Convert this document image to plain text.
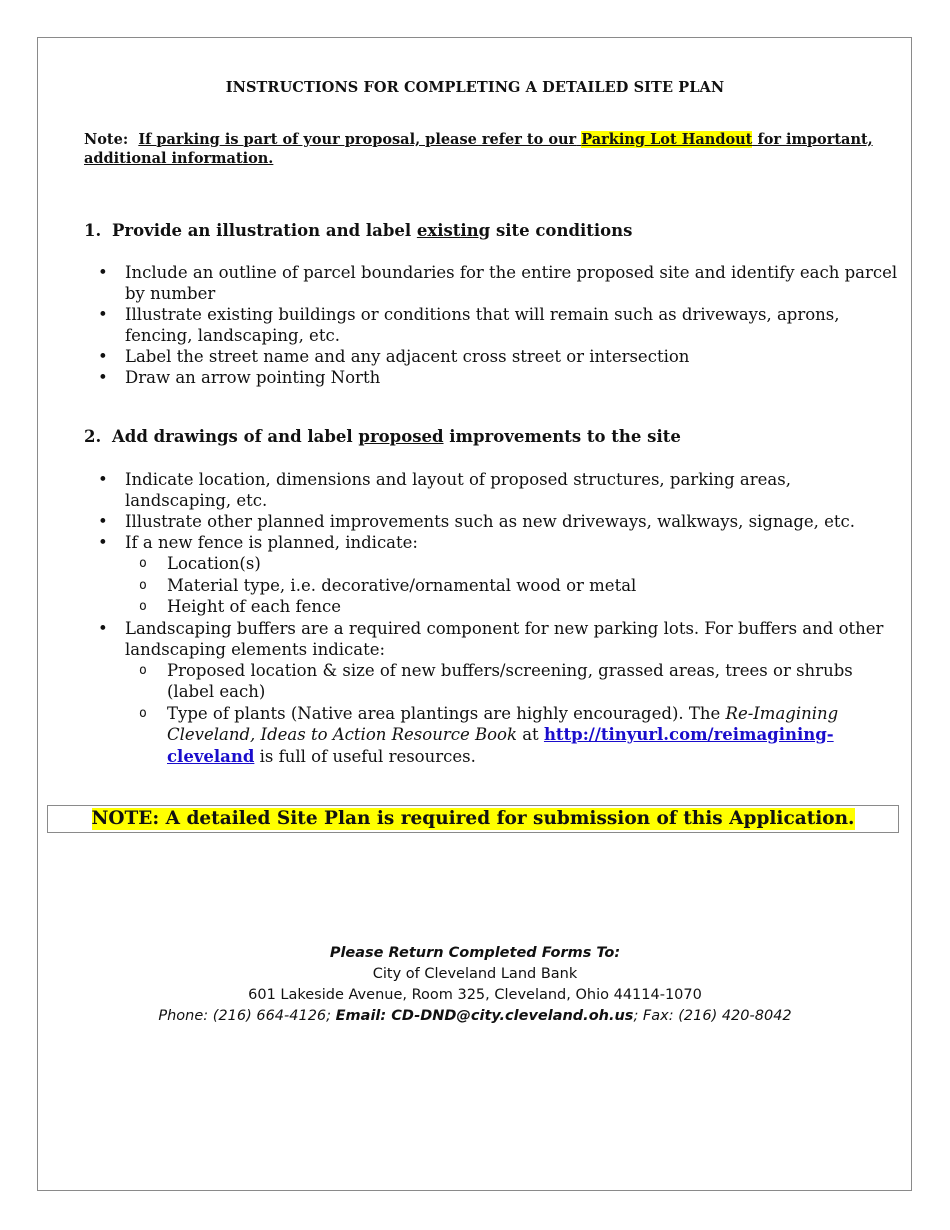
INSTRUCTIONS FOR COMPLETING A DETAILED SITE PLAN
Note: If parking is part of your proposal, please refer to our Parking Lot Handout for important, additional information.
1. Provide an illustration and label existing site conditions
• Include an outline of parcel boundaries for the entire proposed site and identify each parcel by number
• Illustrate existing buildings or conditions that will remain such as driveways, aprons, fencing, landscaping, etc.
• Label the street name and any adjacent cross street or intersection
• Draw an arrow pointing North
2. Add drawings of and label proposed improvements to the site
• Indicate location, dimensions and layout of proposed structures, parking areas, landscaping, etc.
• Illustrate other planned improvements such as new driveways, walkways, signage, etc.
• If a new fence is planned, indicate:
o Location(s)
o Material type, i.e. decorative/ornamental wood or metal
o Height of each fence
• Landscaping buffers are a required component for new parking lots. For buffers and other landscaping elements indicate:
o Proposed location & size of new buffers/screening, grassed areas, trees or shrubs (label each)
o Type of plants (Native area plantings are highly encouraged). The Re-Imagining Cleveland, Ideas to Action Resource Book at http://tinyurl.com/reimagining-cleveland is full of useful resources.
NOTE: A detailed Site Plan is required for submission of this Application.
Please Return Completed Forms To:
City of Cleveland Land Bank
601 Lakeside Avenue, Room 325, Cleveland, Ohio 44114-1070
Phone: (216) 664-4126; Email: CD-DND@city.cleveland.oh.us; Fax: (216) 420-8042
